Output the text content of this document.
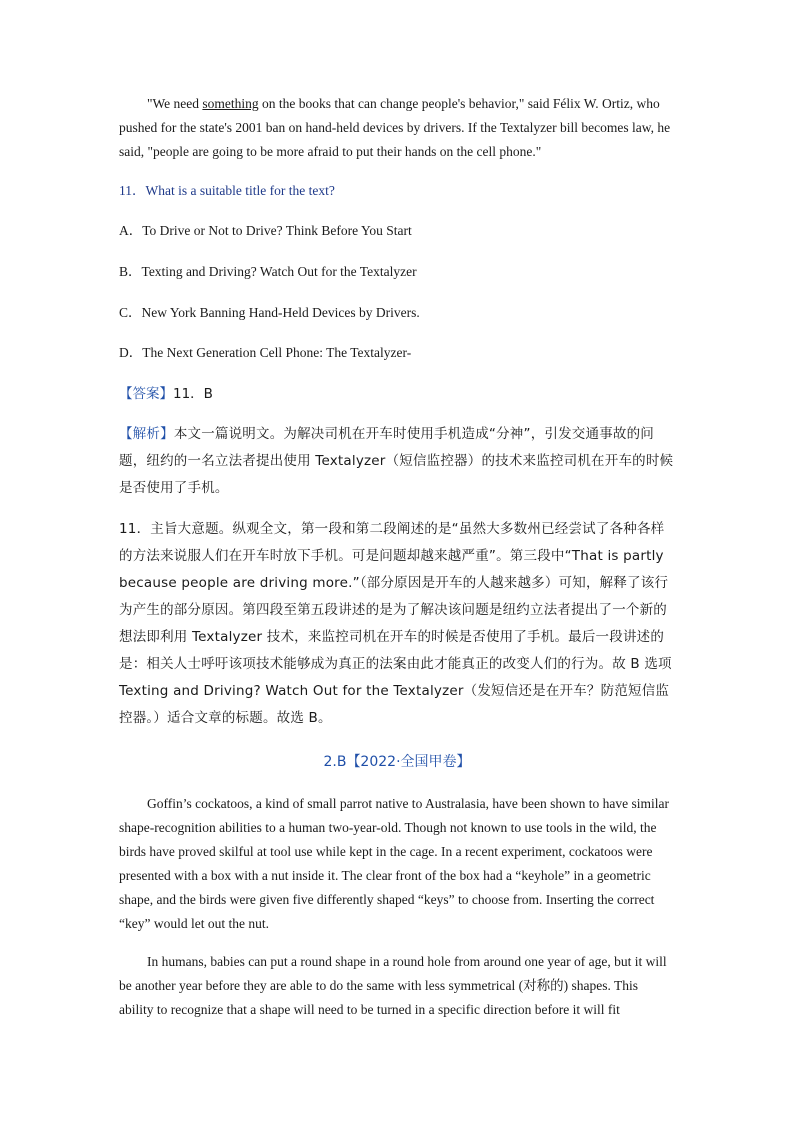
"We need something on the books that can change people's behavior," said Félix W. Ortiz, who pushed for the state's 2001 ban on hand-held devices by drivers. If the Textalyzer bill becomes law, he said, "people are going to be more afraid to put their hands on the cell phone."

11．What is a suitable title for the text?
A．To Drive or Not to Drive? Think Before You Start
B．Texting and Driving? Watch Out for the Textalyzer
C．New York Banning Hand-Held Devices by Drivers.
D．The Next Generation Cell Phone: The Textalyzer-
【答案】11．B

【解析】本文一篇说明文。为解决司机在开车时使用手机造成“分神”，引发交通事故的问题，纽约的一名立法者提出使用 Textalyzer（短信监控器）的技术来监控司机在开车的时候是否使用了手机。

11．主旨大意题。纵观全文，第一段和第二段阐述的是“虽然大多数州已经尝试了各种各样的方法来说服人们在开车时放下手机。可是问题却越来越严重”。第三段中“That is partly because people are driving more.”（部分原因是开车的人越来越多）可知，解释了该行为产生的部分原因。第四段至第五段讲述的是为了解决该问题是纽约立法者提出了一个新的想法即利用 Textalyzer 技术，来监控司机在开车的时候是否使用了手机。最后一段讲述的是：相关人士呼吁该项技术能够成为真正的法案由此才能真正的改变人们的行为。故 B 选项 Texting and Driving? Watch Out for the Textalyzer（发短信还是在开车？防范短信监控器。）适合文章的标题。故选 B。

2.B【2022·全国甲卷】

Goffin’s cockatoos, a kind of small parrot native to Australasia, have been shown to have similar shape-recognition abilities to a human two-year-old. Though not known to use tools in the wild, the birds have proved skilful at tool use while kept in the cage. In a recent experiment, cockatoos were presented with a box with a nut inside it. The clear front of the box had a “keyhole” in a geometric shape, and the birds were given five differently shaped “keys” to choose from. Inserting the correct “key” would let out the nut.

In humans, babies can put a round shape in a round hole from around one year of age, but it will be another year before they are able to do the same with less symmetrical (对称的) shapes. This ability to recognize that a shape will need to be turned in a specific direction before it will fit
